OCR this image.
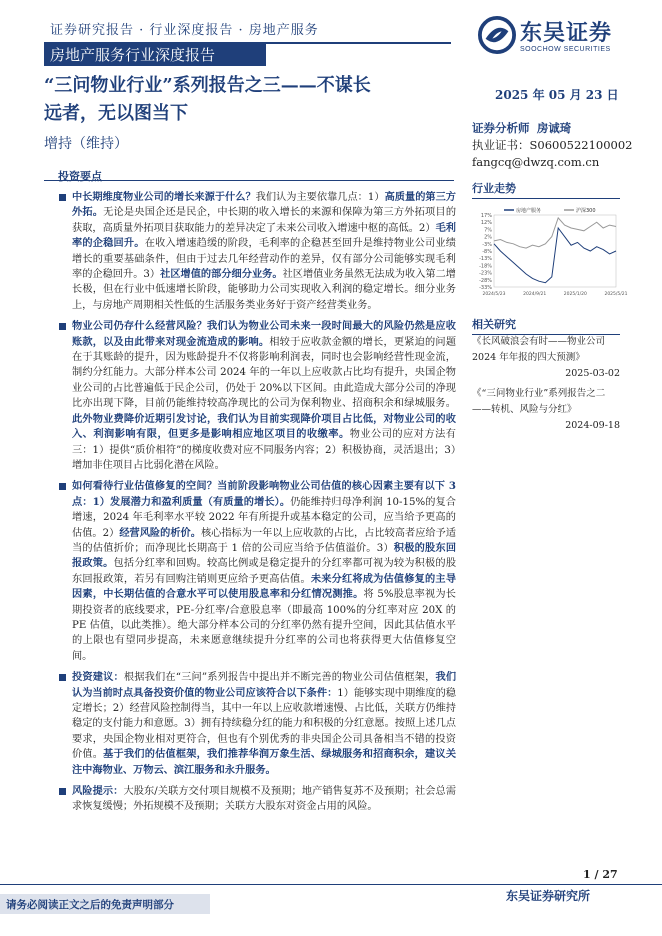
证券研究报告 · 行业深度报告 · 房地产服务
房地产服务行业深度报告
东吴证券
SOOCHOW SECURITIES
“三问物业行业”系列报告之三——不谋长
远者，无以图当下
2025 年 05 月 23 日
增持（维持）
证券分析师 房诚琦
执业证书：S0600522100002
fangcq@dwzq.com.cn
投资要点
中长期维度物业公司的增长来源于什么？我们认为主要依靠几点：1）高质量的第三方外拓。无论是央国企还是民企，中长期的收入增长的来源和保障为第三方外拓项目的获取，高质量外拓项目获取能力的差异决定了未来公司收入增速中枢的高低。2）毛利率的企稳回升。在收入增速趋缓的阶段，毛利率的企稳甚至回升是维持物业公司业绩增长的重要基础条件，但由于过去几年经营动作的差异，仅有部分公司能够实现毛利率的企稳回升。3）社区增值的部分细分业务。社区增值业务虽然无法成为收入第二增长极，但在行业中低速增长阶段，能够助力公司实现收入利润的稳定增长。细分业务上，与房地产周期相关性低的生活服务类业务好于资产经营类业务。
物业公司仍存什么经营风险？我们认为物业公司未来一段时间最大的风险仍然是应收账款，以及由此带来对现金流造成的影响。相较于应收款金额的增长，更紧迫的问题在于其账龄的提升，因为账龄提升不仅将影响利润表，同时也会影响经营性现金流，制约分红能力。大部分样本公司 2024 年的一年以上应收款占比均有提升，央国企物业公司的占比普遍低于民企公司，仍处于 20%以下区间。由此造成大部分公司的净现比亦出现下降，目前仍能维持较高净现比的公司为保利物业、招商积余和绿城服务。此外物业费降价近期引发讨论，我们认为目前实现降价项目占比低，对物业公司的收入、利润影响有限，但更多是影响相应地区项目的收缴率。物业公司的应对方法有三：1）提供“质价相符”的梯度收费对应不同服务内容；2）积极协商，灵活退出；3）增加非住项目占比弱化潜在风险。
如何看待行业估值修复的空间？当前阶段影响物业公司估值的核心因素主要有以下 3 点：1）发展潜力和盈利质量（有质量的增长）。仍能维持归母净利润 10-15%的复合增速，2024 年毛利率水平较 2022 年有所提升或基本稳定的公司，应当给予更高的估值。2）经营风险的析价。核心指标为一年以上应收款的占比，占比较高者应给予适当的估值折价；而净现比长期高于 1 倍的公司应当给予估值溢价。3）积极的股东回报政策。包括分红率和回购。较高比例或是稳定提升的分红率都可视为较为积极的股东回报政策，若另有回购注销则更应给予更高估值。未来分红将成为估值修复的主导因素，中长期估值的合意水平可以使用股息率和分红情况测推。将 5%股息率视为长期投资者的底线要求，PE-分红率/合意股息率（即最高 100%的分红率对应 20X 的 PE 估值，以此类推）。绝大部分样本公司的分红率仍然有提升空间，因此其估值水平的上限也有望同步提高，未来愿意继续提升分红率的公司也将获得更大估值修复空间。
投资建议：根据我们在“三问”系列报告中提出并不断完善的物业公司估值框架，我们认为当前时点具备投资价值的物业公司应该符合以下条件：1）能够实现中期维度的稳定增长；2）经营风险控制得当，其中一年以上应收款增速慢、占比低，关联方仍维持稳定的支付能力和意愿。3）拥有持续稳分红的能力和积极的分红意愿。按照上述几点要求，央国企物业相对更符合，但也有个别优秀的非央国企公司具备相当不错的投资价值。基于我们的估值框架，我们推荐华润万象生活、绿城服务和招商积余，建议关注中海物业、万物云、滨江服务和永升服务。
风险提示：大股东/关联方交付项目规模不及预期；地产销售复苏不及预期；社会总需求恢复缓慢；外拓规模不及预期；关联方大股东对资金占用的风险。
行业走势
17%
12%
7%
2%
-3%
-8%
-13%
-18%
-23%
-28%
-33%
2024/5/23	2024/9/21	2025/1/20	2025/5/21
房地产服务	沪深300
相关研究
《长风破浪会有时——物业公司 2024 年年报的四大预测》
2025-03-02
《“三问物业行业”系列报告之二——转机、风险与分红》
2024-09-18
1 / 27
请务必阅读正文之后的免责声明部分
东吴证券研究所
